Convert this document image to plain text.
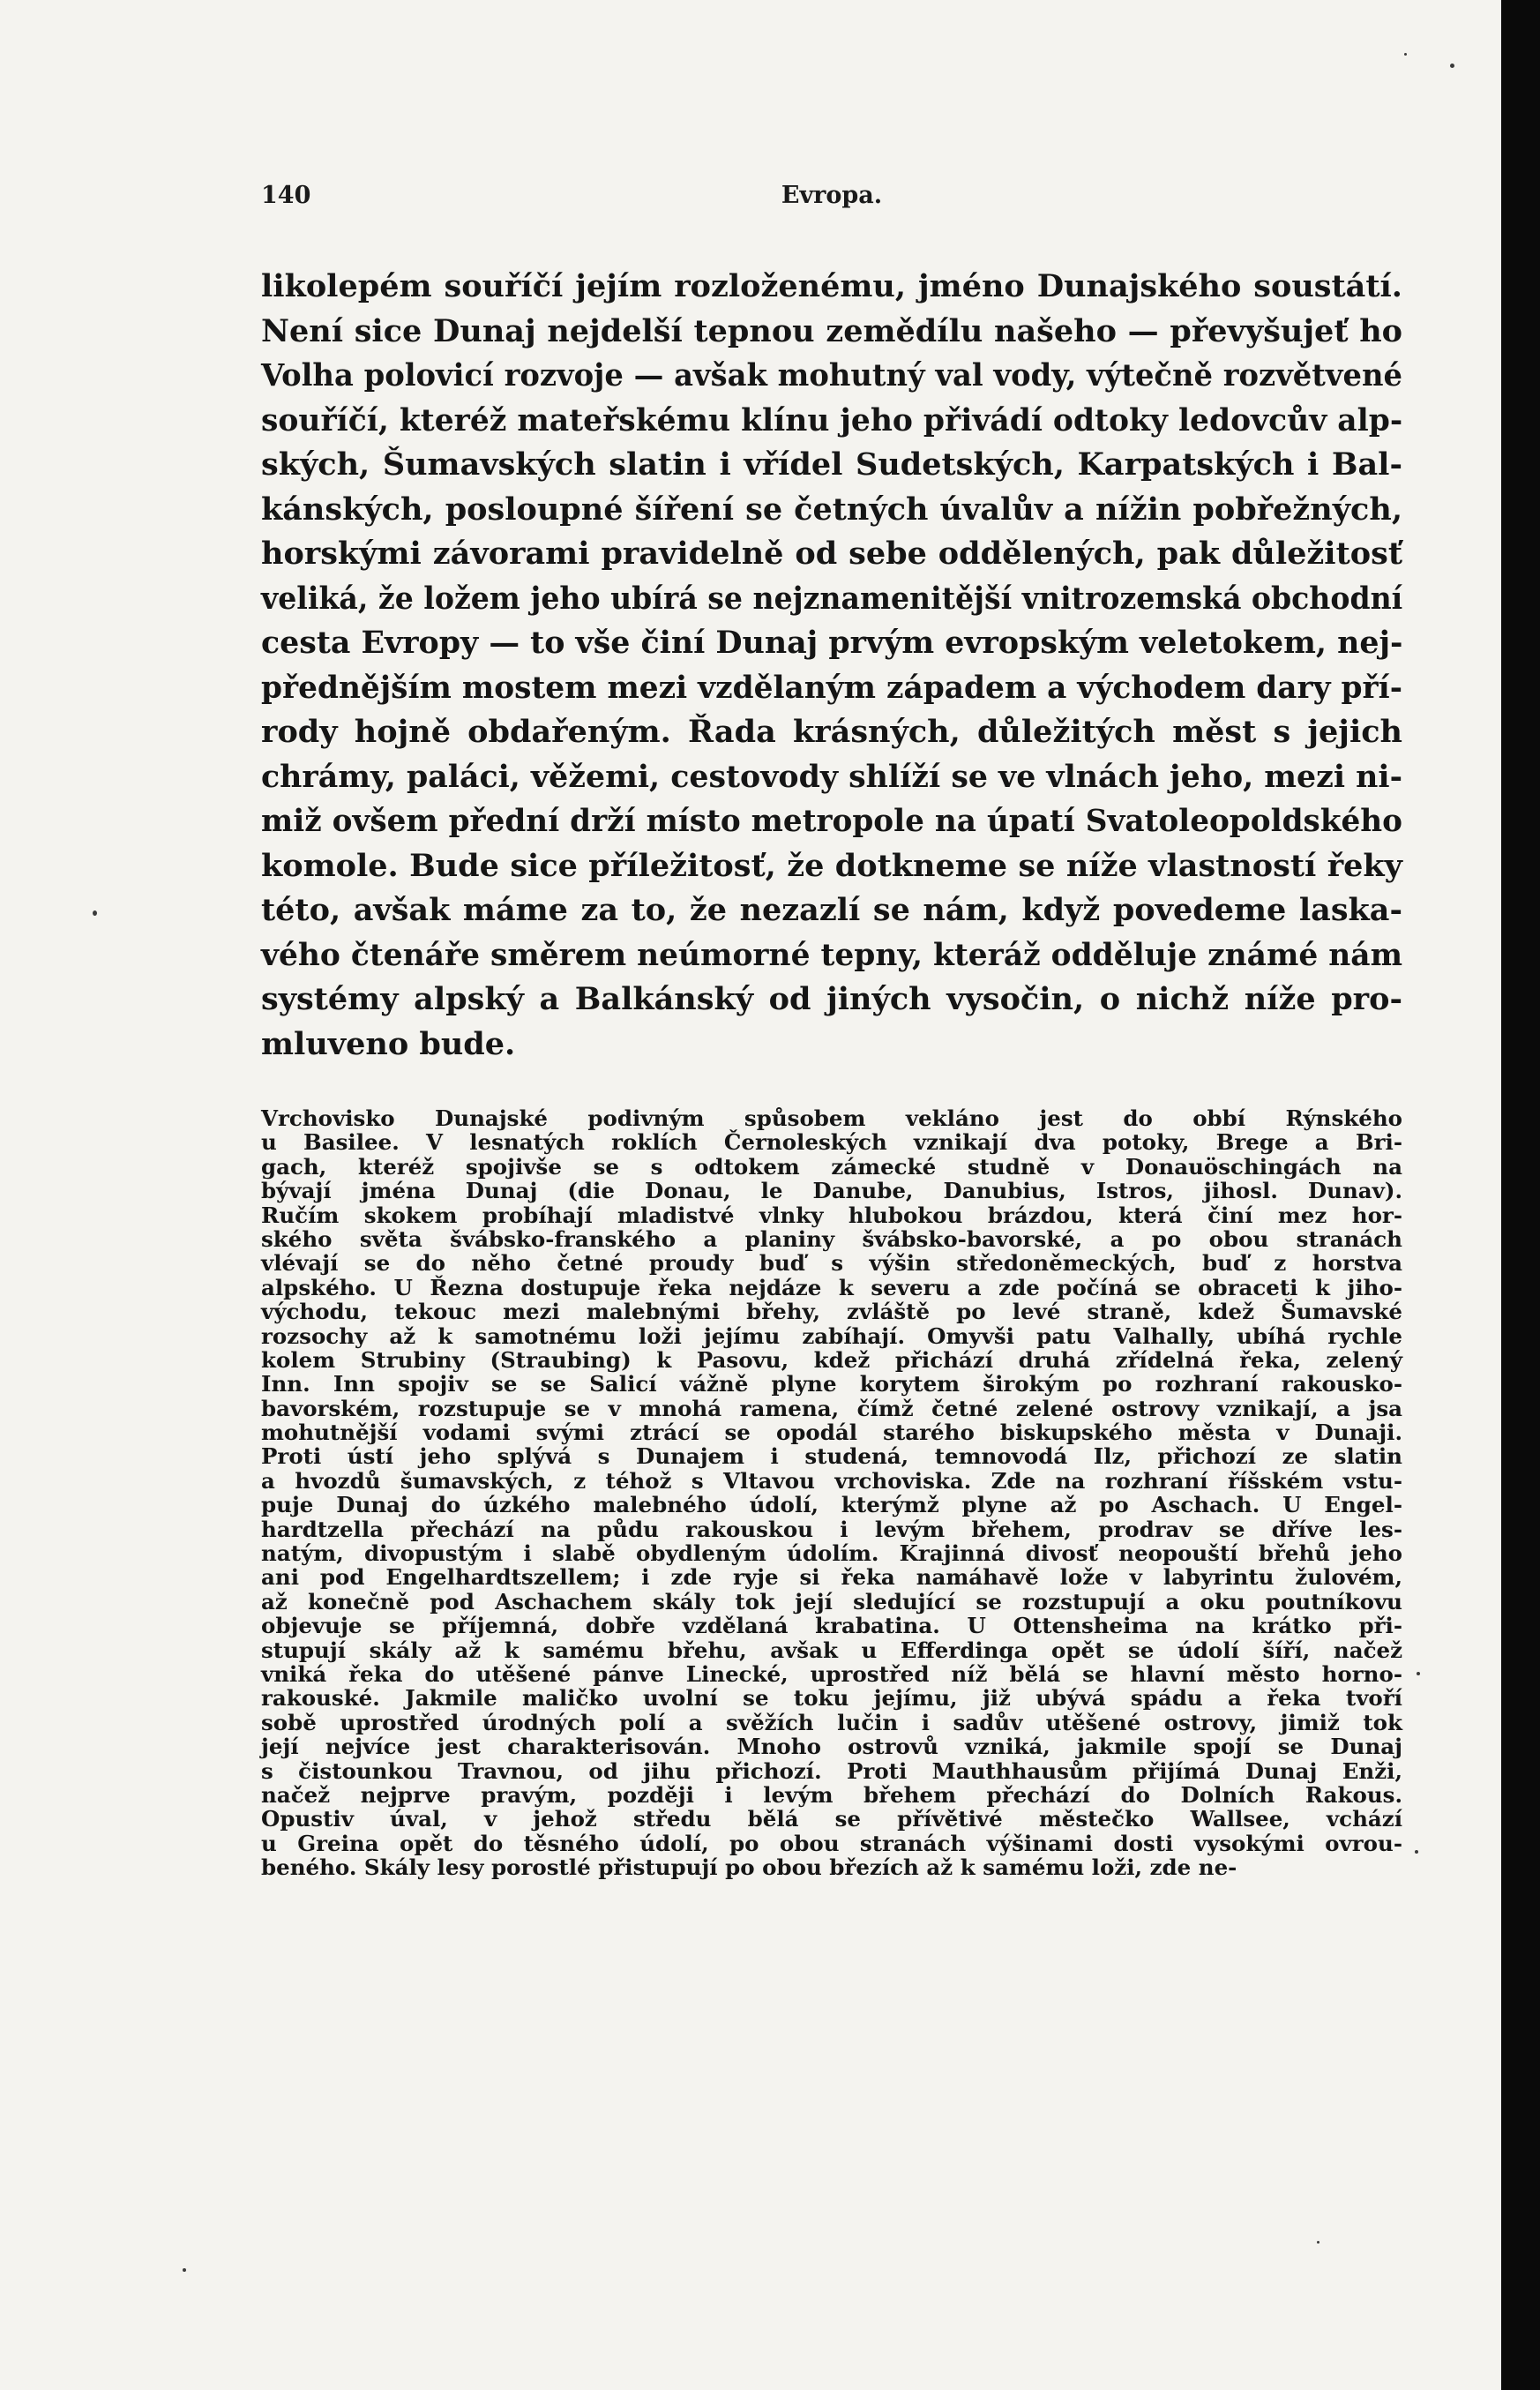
140	Evropa.
likolepém souříčí jejím rozloženému, jméno Dunajského soustátí.
Není sice Dunaj nejdelší tepnou zemědílu našeho — převyšujeť ho
Volha polovicí rozvoje — avšak mohutný val vody, výtečně rozvětvené
souříčí, kteréž mateřskému klínu jeho přivádí odtoky ledovcův alp-
ských, Šumavských slatin i vřídel Sudetských, Karpatských i Bal-
kánských, posloupné šíření se četných úvalův a nížin pobřežných,
horskými závorami pravidelně od sebe oddělených, pak důležitosť
veliká, že ložem jeho ubírá se nejznamenitější vnitrozemská obchodní
cesta Evropy — to vše činí Dunaj prvým evropským veletokem, nej-
přednějším mostem mezi vzdělaným západem a východem dary pří-
rody hojně obdařeným. Řada krásných, důležitých měst s jejich
chrámy, paláci, věžemi, cestovody shlíží se ve vlnách jeho, mezi ni-
miž ovšem přední drží místo metropole na úpatí Svatoleopoldského
komole. Bude sice příležitosť, že dotkneme se níže vlastností řeky
této, avšak máme za to, že nezazlí se nám, když povedeme laska-
vého čtenáře směrem neúmorné tepny, kteráž odděluje známé nám
systémy alpský a Balkánský od jiných vysočin, o nichž níže pro-
mluveno bude.
Vrchovisko Dunajské podivným spůsobem vekláno jest do obbí Rýnského
u Basilee. V lesnatých roklích Černoleských vznikají dva potoky, Brege a Bri-
gach, kteréž spojivše se s odtokem zámecké studně v Donauöschingách na
bývají jména Dunaj (die Donau, le Danube, Danubius, Istros, jihosl. Dunav).
Ručím skokem probíhají mladistvé vlnky hlubokou brázdou, která činí mez hor-
ského světa švábsko-franského a planiny švábsko-bavorské, a po obou stranách
vlévají se do něho četné proudy buď s výšin středoněmeckých, buď z horstva
alpského. U Řezna dostupuje řeka nejdáze k severu a zde počíná se obraceti k jiho-
východu, tekouc mezi malebnými břehy, zvláště po levé straně, kdež Šumavské
rozsochy až k samotnému loži jejímu zabíhají. Omyvši patu Valhally, ubíhá rychle
kolem Strubiny (Straubing) k Pasovu, kdež přichází druhá zřídelná řeka, zelený
Inn. Inn spojiv se se Salicí vážně plyne korytem širokým po rozhraní rakousko-
bavorském, rozstupuje se v mnohá ramena, čímž četné zelené ostrovy vznikají, a jsa
mohutnější vodami svými ztrácí se opodál starého biskupského města v Dunaji.
Proti ústí jeho splývá s Dunajem i studená, temnovodá Ilz, přichozí ze slatin
a hvozdů šumavských, z téhož s Vltavou vrchoviska. Zde na rozhraní říšském vstu-
puje Dunaj do úzkého malebného údolí, kterýmž plyne až po Aschach. U Engel-
hardtzella přechází na půdu rakouskou i levým břehem, prodrav se dříve les-
natým, divopustým i slabě obydleným údolím. Krajinná divosť neopouští břehů jeho
ani pod Engelhardtszellem; i zde ryje si řeka namáhavě lože v labyrintu žulovém,
až konečně pod Aschachem skály tok její sledující se rozstupují a oku poutníkovu
objevuje se příjemná, dobře vzdělaná krabatina. U Ottensheima na krátko při-
stupují skály až k samému břehu, avšak u Efferdinga opět se údolí šíří, načež
vniká řeka do utěšené pánve Linecké, uprostřed níž bělá se hlavní město horno-
rakouské. Jakmile maličko uvolní se toku jejímu, již ubývá spádu a řeka tvoří
sobě uprostřed úrodných polí a svěžích lučin i sadův utěšené ostrovy, jimiž tok
její nejvíce jest charakterisován. Mnoho ostrovů vzniká, jakmile spojí se Dunaj
s čistounkou Travnou, od jihu přichozí. Proti Mauthhausům přijímá Dunaj Enži,
načež nejprve pravým, později i levým břehem přechází do Dolních Rakous.
Opustiv úval, v jehož středu bělá se přívětivé městečko Wallsee, vchází
u Greina opět do těsného údolí, po obou stranách výšinami dosti vysokými ovrou-
beného. Skály lesy porostlé přistupují po obou březích až k samému loži, zde ne-
